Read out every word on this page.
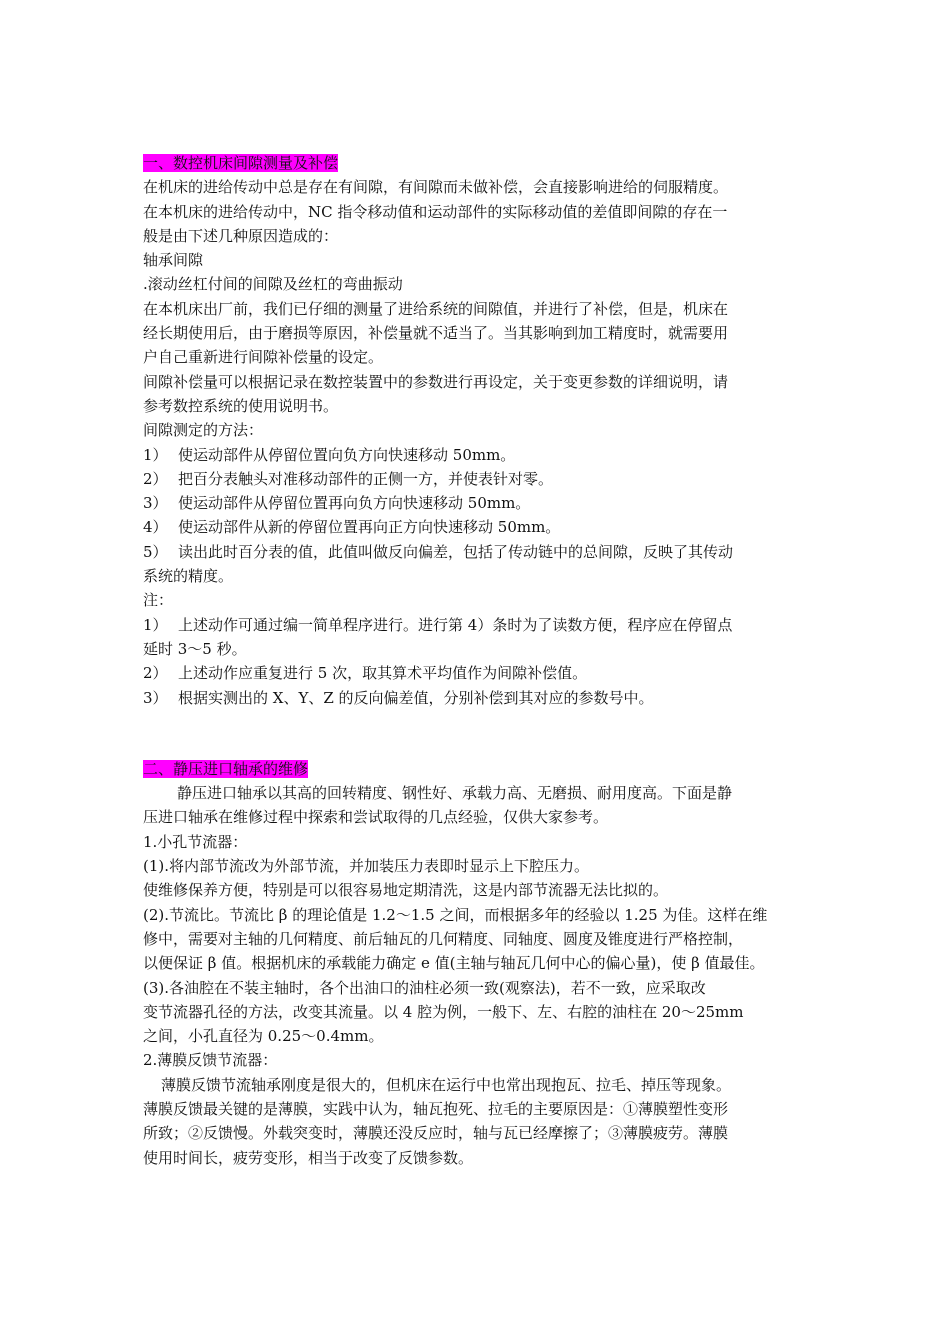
一、数控机床间隙测量及补偿
在机床的进给传动中总是存在有间隙，有间隙而未做补偿，会直接影响进给的伺服精度。
在本机床的进给传动中，NC 指令移动值和运动部件的实际移动值的差值即间隙的存在一
般是由下述几种原因造成的：
轴承间隙
.滚动丝杠付间的间隙及丝杠的弯曲振动
在本机床出厂前，我们已仔细的测量了进给系统的间隙值，并进行了补偿，但是，机床在
经长期使用后，由于磨损等原因，补偿量就不适当了。当其影响到加工精度时，就需要用
户自己重新进行间隙补偿量的设定。
间隙补偿量可以根据记录在数控装置中的参数进行再设定，关于变更参数的详细说明，请
参考数控系统的使用说明书。
间隙测定的方法：
1） 使运动部件从停留位置向负方向快速移动 50mm。
2） 把百分表触头对准移动部件的正侧一方，并使表针对零。
3） 使运动部件从停留位置再向负方向快速移动 50mm。
4） 使运动部件从新的停留位置再向正方向快速移动 50mm。
5） 读出此时百分表的值，此值叫做反向偏差，包括了传动链中的总间隙，反映了其传动
系统的精度。
注：
1） 上述动作可通过编一简单程序进行。进行第 4）条时为了读数方便，程序应在停留点
延时 3～5 秒。
2） 上述动作应重复进行 5 次，取其算术平均值作为间隙补偿值。
3） 根据实测出的 X、Y、Z 的反向偏差值，分别补偿到其对应的参数号中。
二、静压进口轴承的维修
静压进口轴承以其高的回转精度、钢性好、承载力高、无磨损、耐用度高。下面是静
压进口轴承在维修过程中探索和尝试取得的几点经验，仅供大家参考。
1.小孔节流器：
(1).将内部节流改为外部节流，并加装压力表即时显示上下腔压力。
使维修保养方便，特别是可以很容易地定期清洗，这是内部节流器无法比拟的。
(2).节流比。节流比 β 的理论值是 1.2～1.5 之间，而根据多年的经验以 1.25 为佳。这样在维
修中，需要对主轴的几何精度、前后轴瓦的几何精度、同轴度、圆度及锥度进行严格控制，
以便保证 β 值。根据机床的承载能力确定 e 值(主轴与轴瓦几何中心的偏心量)，使 β 值最佳。
(3).各油腔在不装主轴时，各个出油口的油柱必须一致(观察法)，若不一致，应采取改
变节流器孔径的方法，改变其流量。以 4 腔为例，一般下、左、右腔的油柱在 20～25mm
之间，小孔直径为 0.25～0.4mm。
2.薄膜反馈节流器：
薄膜反馈节流轴承刚度是很大的，但机床在运行中也常出现抱瓦、拉毛、掉压等现象。
薄膜反馈最关键的是薄膜，实践中认为，轴瓦抱死、拉毛的主要原因是：①薄膜塑性变形
所致；②反馈慢。外载突变时，薄膜还没反应时，轴与瓦已经摩擦了；③薄膜疲劳。薄膜
使用时间长，疲劳变形，相当于改变了反馈参数。
